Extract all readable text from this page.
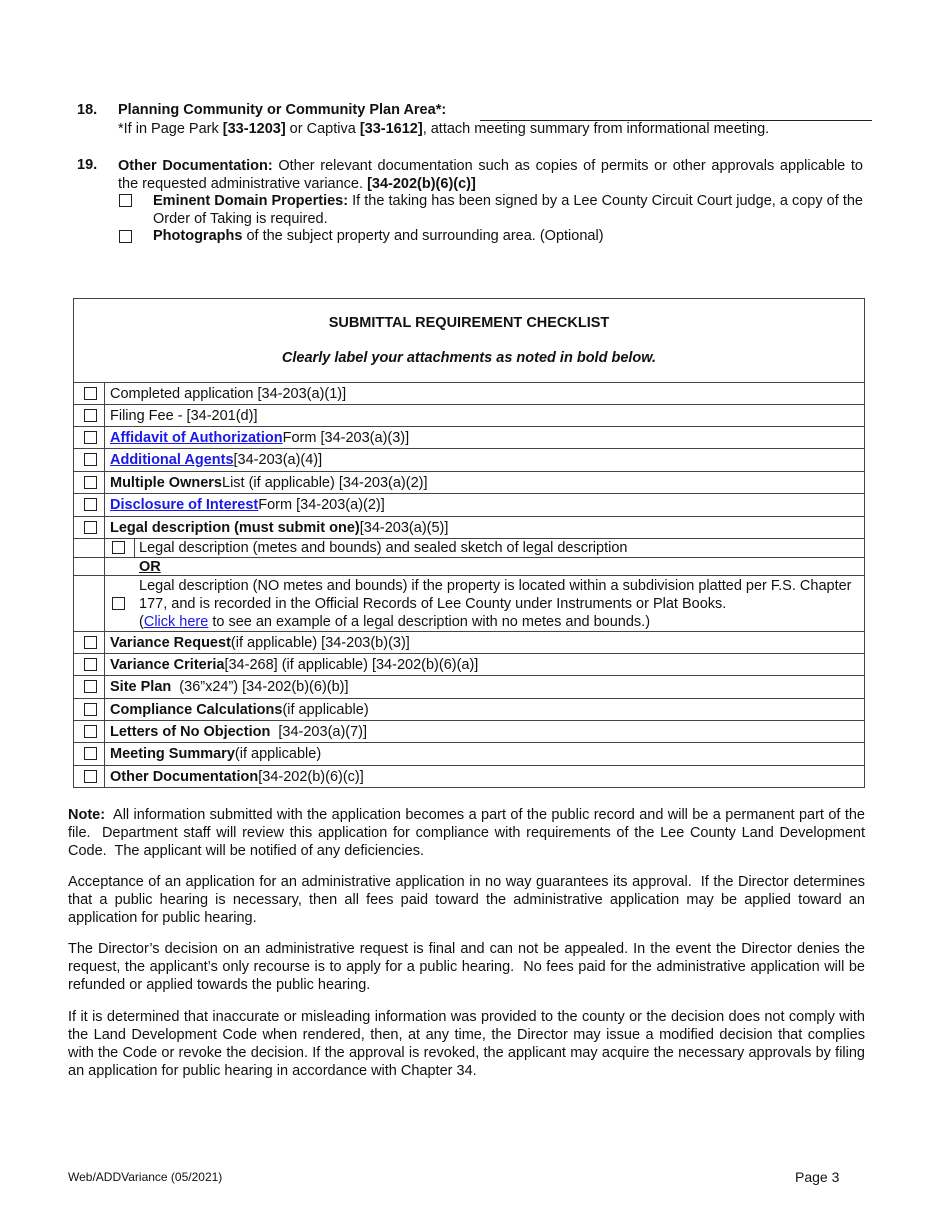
18. Planning Community or Community Plan Area*:
*If in Page Park [33-1203] or Captiva [33-1612], attach meeting summary from informational meeting.
19. Other Documentation: Other relevant documentation such as copies of permits or other approvals applicable to the requested administrative variance. [34-202(b)(6)(c)]
Eminent Domain Properties: If the taking has been signed by a Lee County Circuit Court judge, a copy of the Order of Taking is required.
Photographs of the subject property and surrounding area. (Optional)
SUBMITTAL REQUIREMENT CHECKLIST
Clearly label your attachments as noted in bold below.
Completed application [34-203(a)(1)]
Filing Fee - [34-201(d)]
Affidavit of Authorization Form [34-203(a)(3)]
Additional Agents [34-203(a)(4)]
Multiple Owners List (if applicable) [34-203(a)(2)]
Disclosure of Interest Form [34-203(a)(2)]
Legal description (must submit one) [34-203(a)(5)]
Legal description (metes and bounds) and sealed sketch of legal description
OR
Legal description (NO metes and bounds) if the property is located within a subdivision platted per F.S. Chapter 177, and is recorded in the Official Records of Lee County under Instruments or Plat Books.
(Click here to see an example of a legal description with no metes and bounds.)
Variance Request (if applicable) [34-203(b)(3)]
Variance Criteria [34-268] (if applicable) [34-202(b)(6)(a)]
Site Plan (36”x24”) [34-202(b)(6)(b)]
Compliance Calculations (if applicable)
Letters of No Objection [34-203(a)(7)]
Meeting Summary (if applicable)
Other Documentation [34-202(b)(6)(c)]
Note:  All information submitted with the application becomes a part of the public record and will be a permanent part of the file.  Department staff will review this application for compliance with requirements of the Lee County Land Development Code.  The applicant will be notified of any deficiencies.
Acceptance of an application for an administrative application in no way guarantees its approval.  If the Director determines that a public hearing is necessary, then all fees paid toward the administrative application may be applied toward an application for public hearing.
The Director’s decision on an administrative request is final and can not be appealed. In the event the Director denies the request, the applicant’s only recourse is to apply for a public hearing.  No fees paid for the administrative application will be refunded or applied towards the public hearing.
If it is determined that inaccurate or misleading information was provided to the county or the decision does not comply with the Land Development Code when rendered, then, at any time, the Director may issue a modified decision that complies with the Code or revoke the decision. If the approval is revoked, the applicant may acquire the necessary approvals by filing an application for public hearing in accordance with Chapter 34.
Web/ADDVariance (05/2021)	Page 3
